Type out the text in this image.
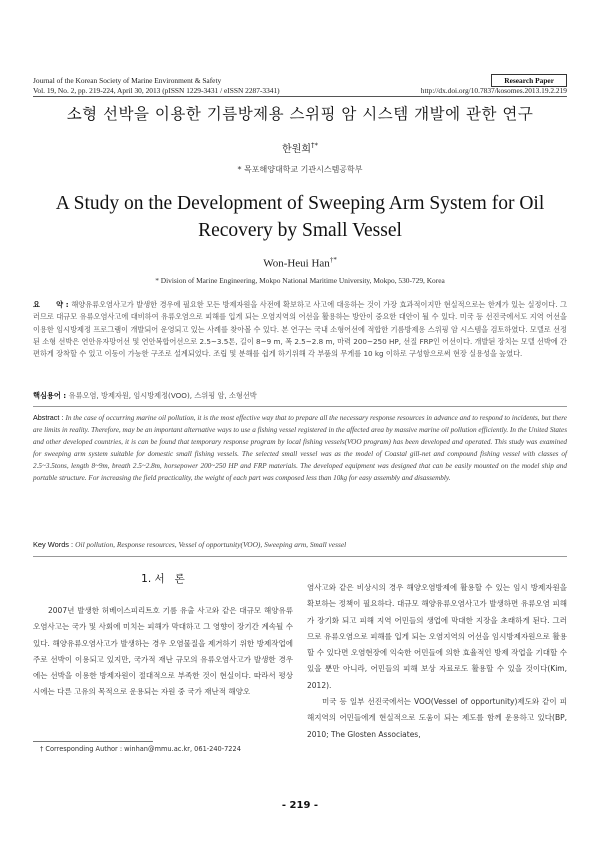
Journal of the Korean Society of Marine Environment & Safety
Vol. 19, No. 2, pp. 219-224, April 30, 2013 (pISSN 1229-3431 / eISSN 2287-3341)
Research Paper
http://dx.doi.org/10.7837/kosomes.2013.19.2.219
소형 선박을 이용한 기름방제용 스위핑 암 시스템 개발에 관한 연구
한원희†*
* 목포해양대학교 기관시스템공학부
A Study on the Development of Sweeping Arm System for Oil Recovery by Small Vessel
Won-Heui Han†*
* Division of Marine Engineering, Mokpo National Maritime University, Mokpo, 530-729, Korea
요      약 : 해양유류오염사고가 발생한 경우에 필요한 모든 방제자원을 사전에 확보하고 사고에 대응하는 것이 가장 효과적이지만 현실적으로는 한계가 있는 실정이다. 그러므로 대규모 유류오염사고에 대비하여 유류오염으로 피해를 입게 되는 오염지역의 어선을 활용하는 방안이 중요한 대안이 될 수 있다. 미국 등 선진국에서도 지역 어선을 이용한 임시방제정 프로그램이 개발되어 운영되고 있는 사례를 찾아볼 수 있다. 본 연구는 국내 소형어선에 적합한 기름방제용 스위핑 암 시스템을 검토하였다. 모델로 선정된 소형 선박은 연안유자망어선 및 연안복합어선으로 2.5~3.5톤, 길이 8~9 m, 폭 2.5~2.8 m, 마력 200~250 HP, 선질 FRP인 어선이다. 개발된 장치는 모델 선박에 간편하게 장착할 수 있고 이동이 가능한 구조로 설계되었다. 조립 및 분해를 쉽게 하기위해 각 부품의 무게를 10 kg 이하로 구성함으로써 현장 실용성을 높였다.
핵심용어 : 유류오염, 방제자원, 임시방제정(VOO), 스위핑 암, 소형선박
Abstract : In the case of occurring marine oil pollution, it is the most effective way that to prepare all the necessary response resources in advance and to respond to incidents, but there are limits in reality. Therefore, may be an important alternative ways to use a fishing vessel registered in the affected area by massive marine oil pollution efficiently. In the United States and other developed countries, it is can be found that temporary response program by local fishing vessels(VOO program) has been developed and operated. This study was examined for sweeping arm system suitable for domestic small fishing vessels. The selected small vessel was as the model of Coastal gill-net and compound fishing vessel with classes of 2.5~3.5tons, length 8~9m, breath 2.5~2.8m, horsepower 200~250 HP and FRP materials. The developed equipment was designed that can be easily mounted on the model ship and portable structure. For increasing the field practicality, the weight of each part was composed less than 10kg for easy assembly and disassembly.
Key Words : Oil pollution, Response resources, Vessel of opportunity(VOO), Sweeping arm, Small vessel
1. 서   론

2007년 발생한 허베이스피리트호 기름 유출 사고와 같은 대규모 해양유류오염사고는 국가 및 사회에 미치는 피해가 막대하고 그 영향이 장기간 계속될 수 있다. 해양유류오염사고가 발생하는 경우 오염물질을 제거하기 위한 방제작업에 주로 선박이 이용되고 있지만, 국가적 재난 규모의 유류오염사고가 발생한 경우에는 선박을 이용한 방제자원이 절대적으로 부족한 것이 현실이다. 따라서 평상시에는 다른 고유의 목적으로 운용되는 자원 중 국가 재난적 해양오

염사고와 같은 비상시의 경우 해양오염방제에 활용할 수 있는 임시 방제자원을 확보하는 정책이 필요하다. 대규모 해양유류오염사고가 발생하면 유류오염 피해가 장기화 되고 피해 지역 어민들의 생업에 막대한 지장을 초래하게 된다. 그러므로 유류오염으로 피해를 입게 되는 오염지역의 어선을 임시방제자원으로 활용할 수 있다면 오염현장에 익숙한 어민들에 의한 효율적인 방제 작업을 기대할 수 있을 뿐만 아니라, 어민들의 피해 보상 자료로도 활용할 수 있을 것이다(Kim, 2012).

미국 등 일부 선진국에서는 VOO(Vessel of opportunity)제도와 같이 피해지역의 어민들에게 현실적으로 도움이 되는 제도를 함께 운용하고 있다(BP, 2010; The Glosten Associates,

† Corresponding Author : winhan@mmu.ac.kr, 061-240-7224
- 219 -
